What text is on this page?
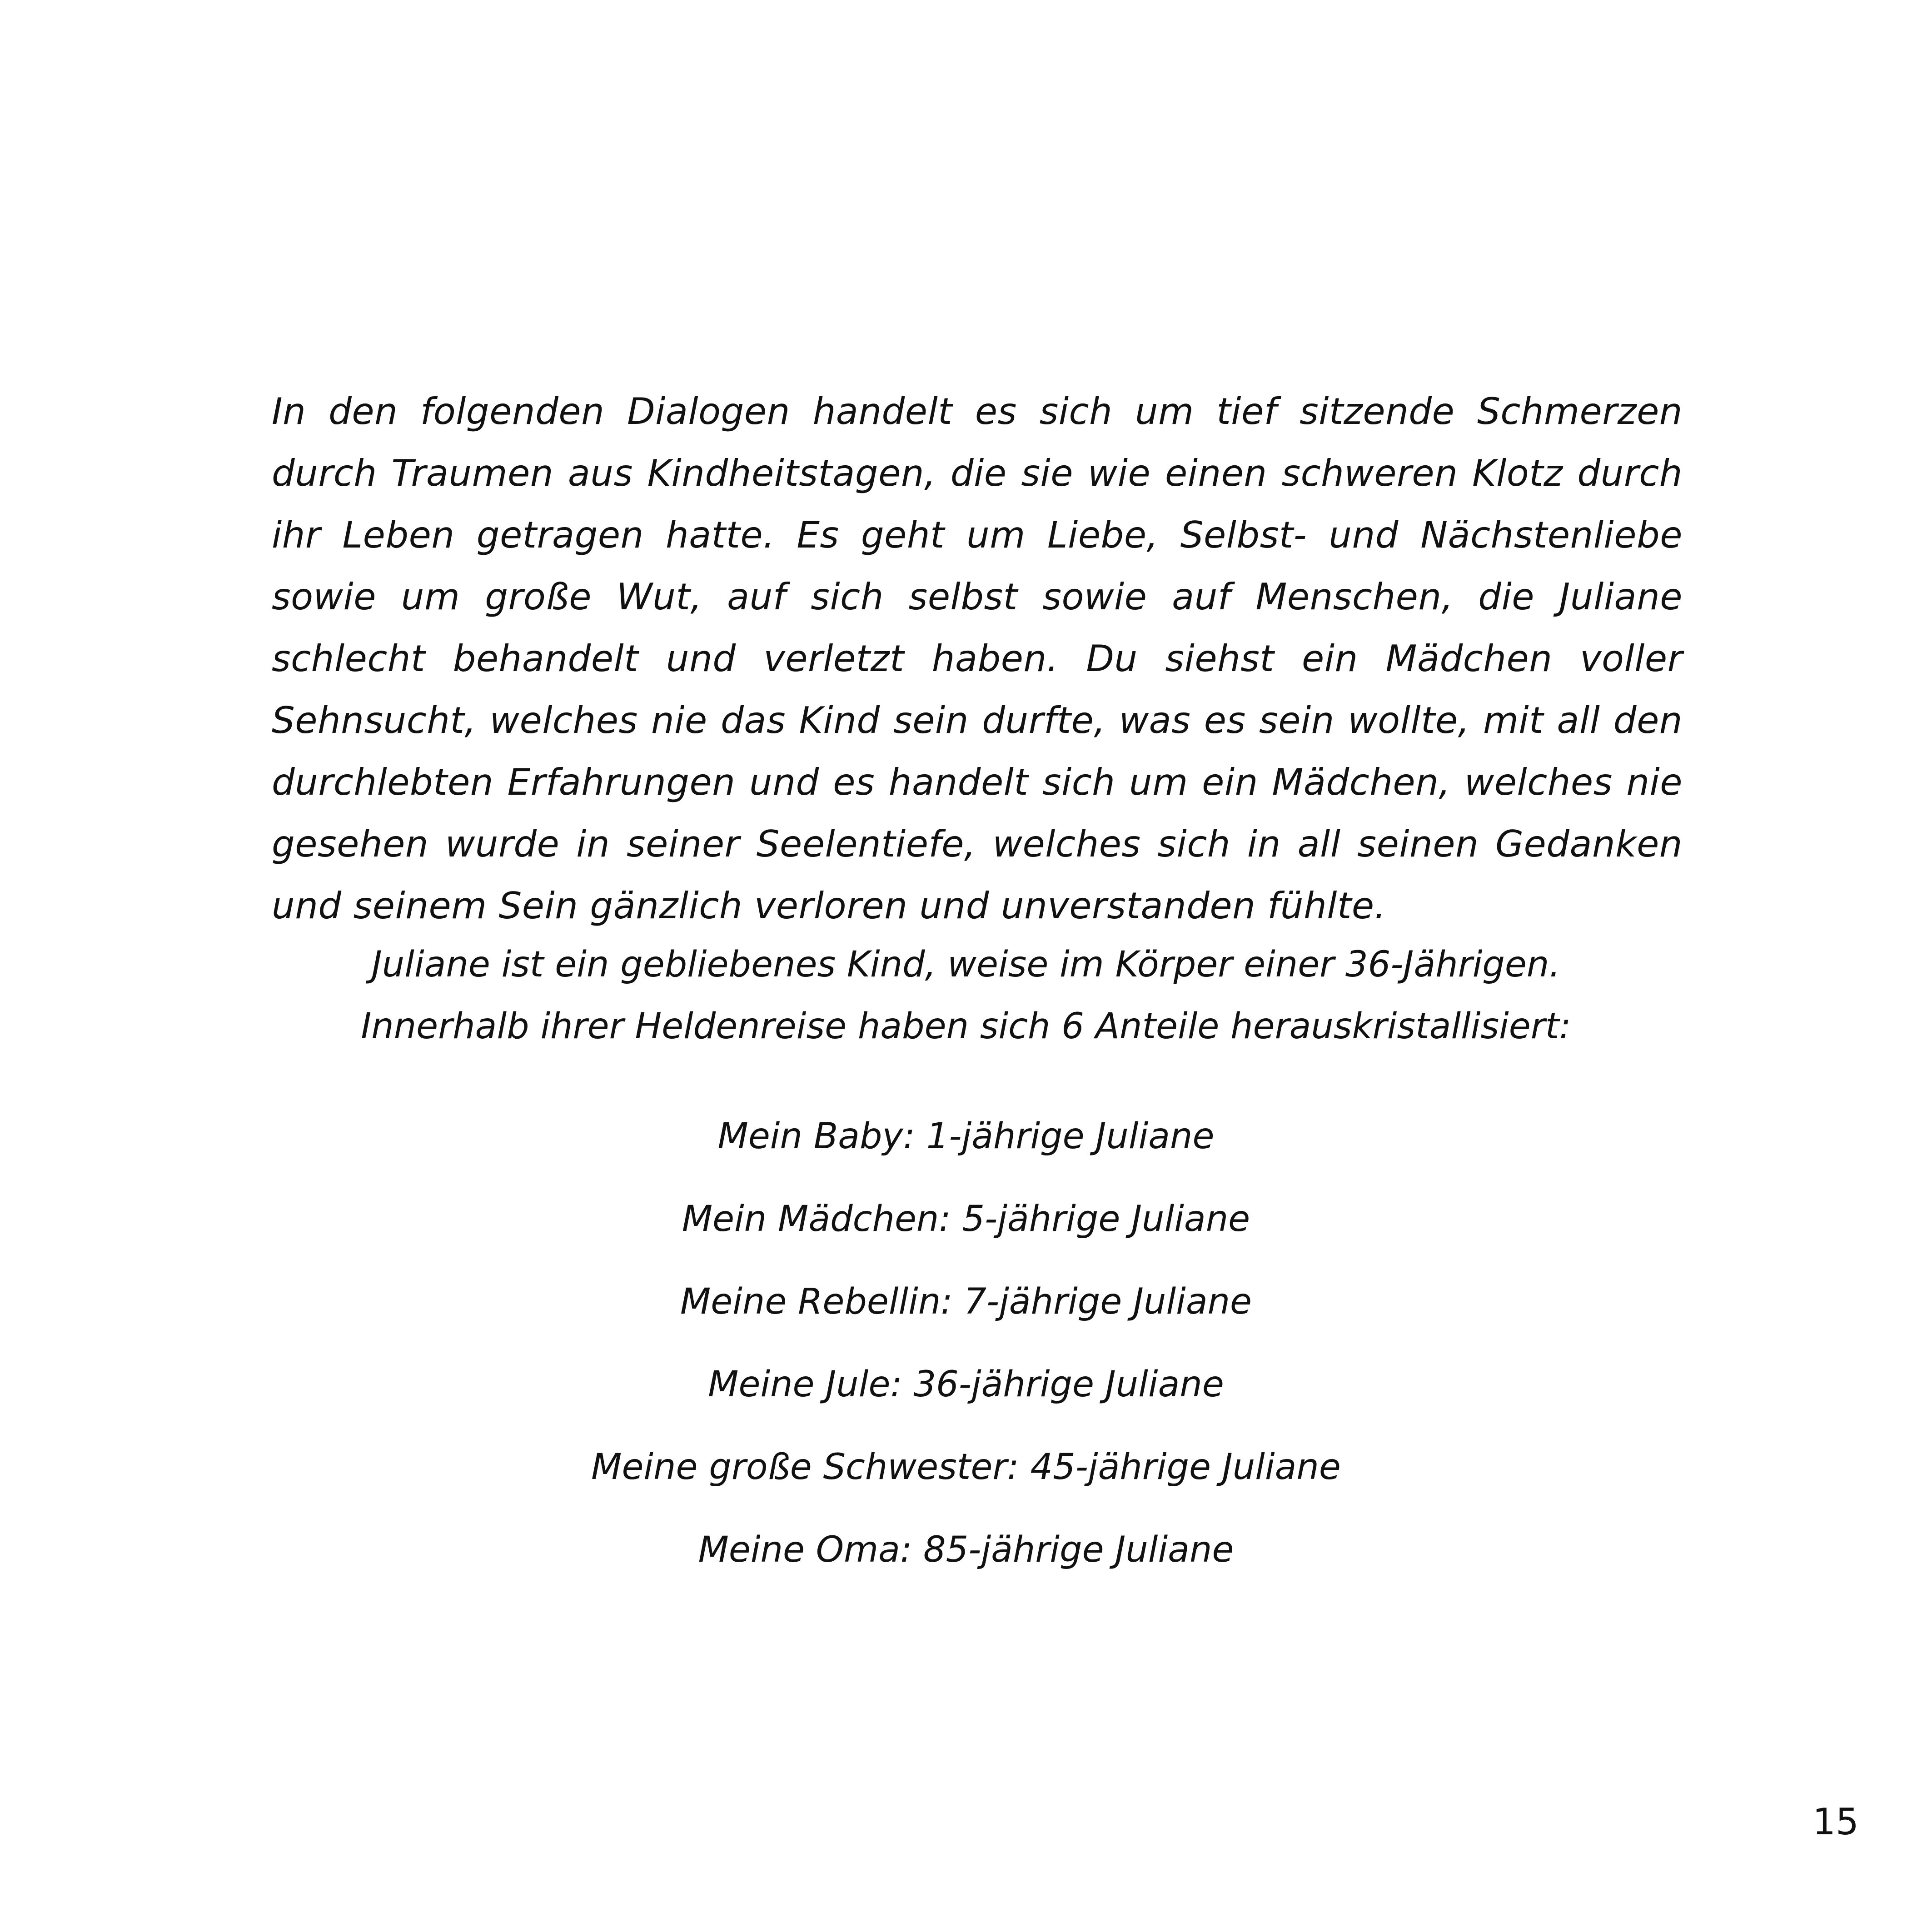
In den folgenden Dialogen handelt es sich um tief sitzende Schmerzen durch Traumen aus Kindheitstagen, die sie wie einen schweren Klotz durch ihr Leben getragen hatte. Es geht um Liebe, Selbst- und Nächstenliebe sowie um große Wut, auf sich selbst sowie auf Menschen, die Juliane schlecht behandelt und verletzt haben. Du siehst ein Mädchen voller Sehnsucht, welches nie das Kind sein durfte, was es sein wollte, mit all den durchlebten Erfahrungen und es handelt sich um ein Mädchen, welches nie gesehen wurde in seiner Seelentiefe, welches sich in all seinen Gedanken und seinem Sein gänzlich verloren und unverstanden fühlte.

Juliane ist ein gebliebenes Kind, weise im Körper einer 36-Jährigen.
Innerhalb ihrer Heldenreise haben sich 6 Anteile herauskristallisiert:

Mein Baby: 1-jährige Juliane
Mein Mädchen: 5-jährige Juliane
Meine Rebellin: 7-jährige Juliane
Meine Jule: 36-jährige Juliane
Meine große Schwester: 45-jährige Juliane
Meine Oma: 85-jährige Juliane
15
